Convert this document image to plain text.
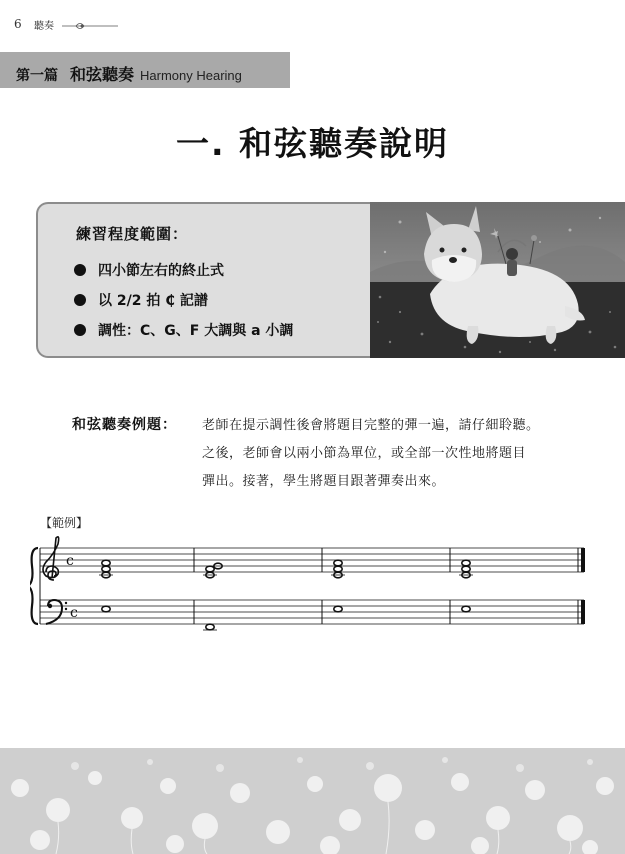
6 聽奏
第一篇 和弦聽奏 Harmony Hearing
一. 和弦聽奏說明
練習程度範圍：
四小節左右的終止式
以 2/2 拍 ₵ 記譜
調性：C、G、F 大調與 a 小調
和弦聽奏例題： 老師在提示調性後會將題目完整的彈一遍，請仔細聆聽。
之後，老師會以兩小節為單位，或全部一次性地將題目
彈出。接著，學生將題目跟著彈奏出來。
【範例】
c
c
